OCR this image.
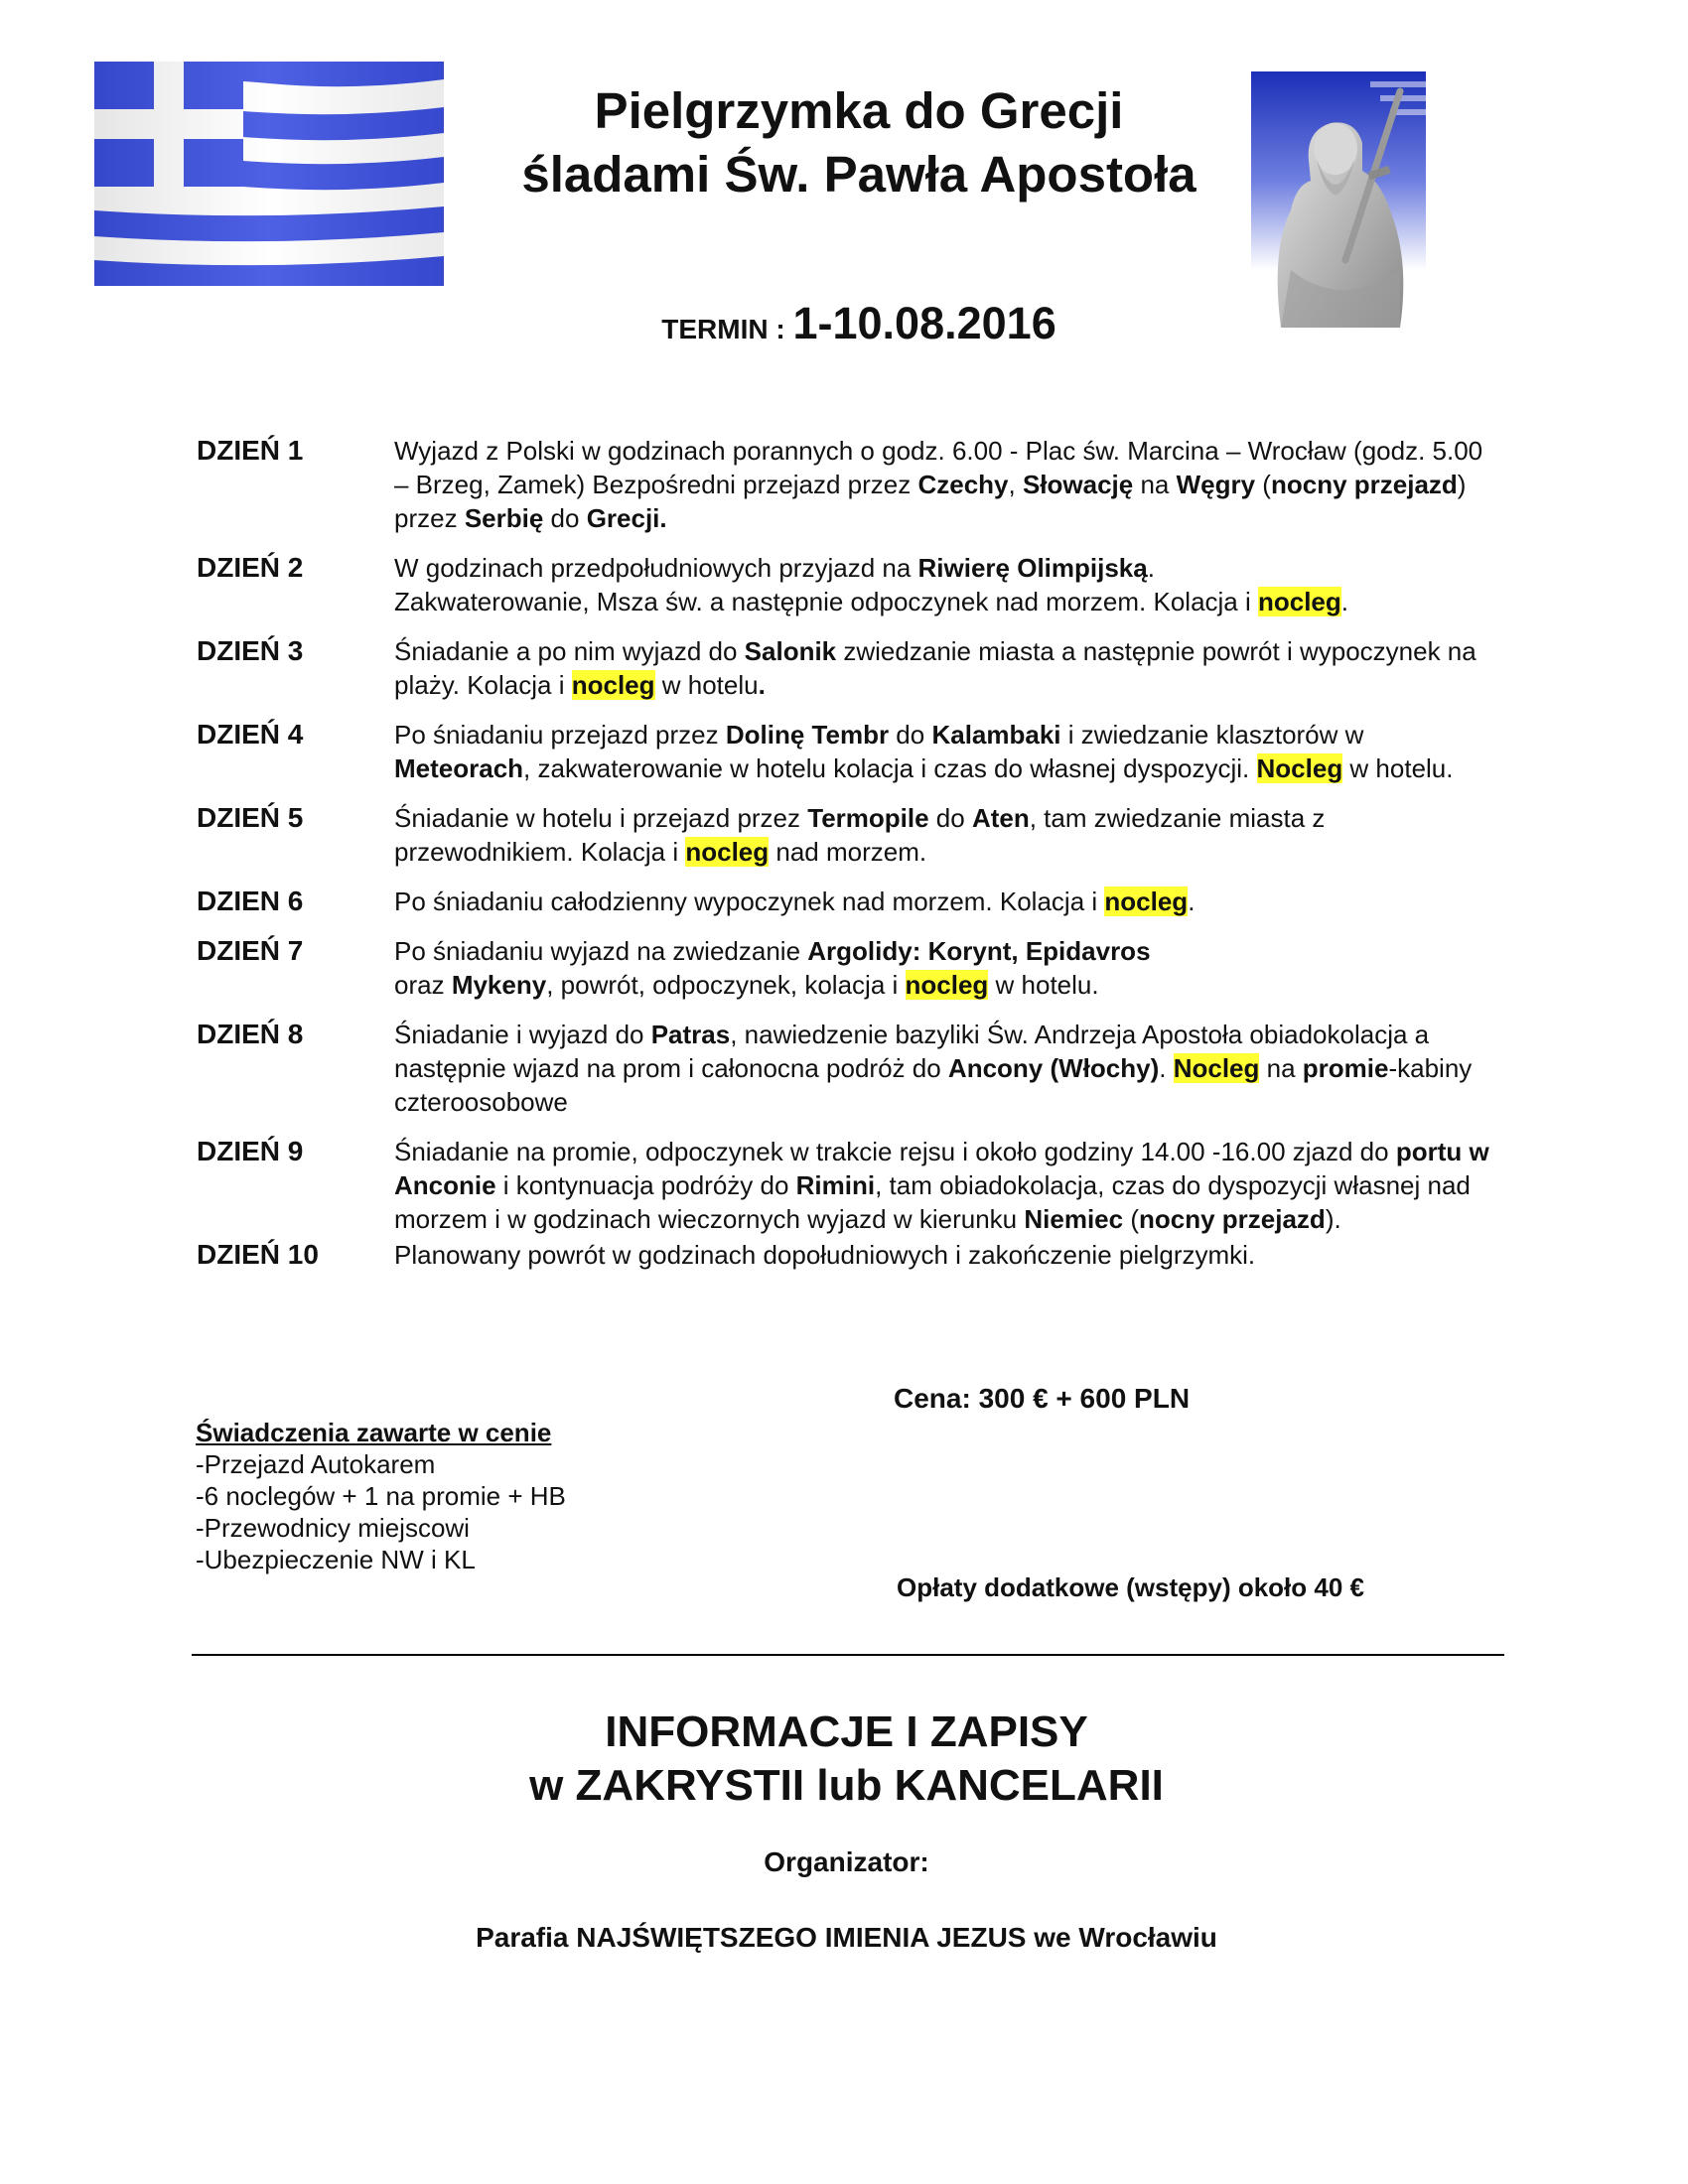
Pielgrzymka do Grecji
śladami Św. Pawła Apostoła
TERMIN : 1-10.08.2016
DZIEŃ 1	Wyjazd z Polski w godzinach porannych o godz. 6.00 - Plac św. Marcina – Wrocław (godz. 5.00 – Brzeg, Zamek) Bezpośredni przejazd przez Czechy, Słowację na Węgry (nocny przejazd) przez Serbię do Grecji.
DZIEŃ 2	W godzinach przedpołudniowych przyjazd na Riwierę Olimpijską.
Zakwaterowanie, Msza św. a następnie odpoczynek nad morzem. Kolacja i nocleg.
DZIEŃ 3	Śniadanie a po nim wyjazd do Salonik zwiedzanie miasta a następnie powrót i wypoczynek na plaży. Kolacja i nocleg w hotelu.
DZIEŃ 4	Po śniadaniu przejazd przez Dolinę Tembr do Kalambaki i zwiedzanie klasztorów w Meteorach, zakwaterowanie w hotelu kolacja i czas do własnej dyspozycji. Nocleg w hotelu.
DZIEŃ 5	Śniadanie w hotelu i przejazd przez Termopile do Aten, tam zwiedzanie miasta z przewodnikiem. Kolacja i nocleg nad morzem.
DZIEN 6	Po śniadaniu całodzienny wypoczynek nad morzem. Kolacja i nocleg.
DZIEŃ 7	Po śniadaniu wyjazd na zwiedzanie Argolidy: Korynt, Epidavros
oraz Mykeny, powrót, odpoczynek, kolacja i nocleg w hotelu.
DZIEŃ 8	Śniadanie i wyjazd do Patras, nawiedzenie bazyliki Św. Andrzeja Apostoła obiadokolacja a następnie wjazd na prom i całonocna podróż do Ancony (Włochy). Nocleg na promie-kabiny czteroosobowe
DZIEŃ 9	Śniadanie na promie, odpoczynek w trakcie rejsu i około godziny 14.00 -16.00 zjazd do portu w Anconie i kontynuacja podróży do Rimini, tam obiadokolacja, czas do dyspozycji własnej nad morzem i w godzinach wieczornych wyjazd w kierunku Niemiec (nocny przejazd).
DZIEŃ 10	Planowany powrót w godzinach dopołudniowych i zakończenie pielgrzymki.
Cena: 300 € + 600 PLN
Świadczenia zawarte w cenie
-Przejazd Autokarem
-6 noclegów + 1 na promie + HB
-Przewodnicy miejscowi
-Ubezpieczenie NW i KL
Opłaty dodatkowe (wstępy) około 40 €
INFORMACJE I ZAPISY
w ZAKRYSTII lub KANCELARII
Organizator:
Parafia NAJŚWIĘTSZEGO IMIENIA JEZUS we Wrocławiu
